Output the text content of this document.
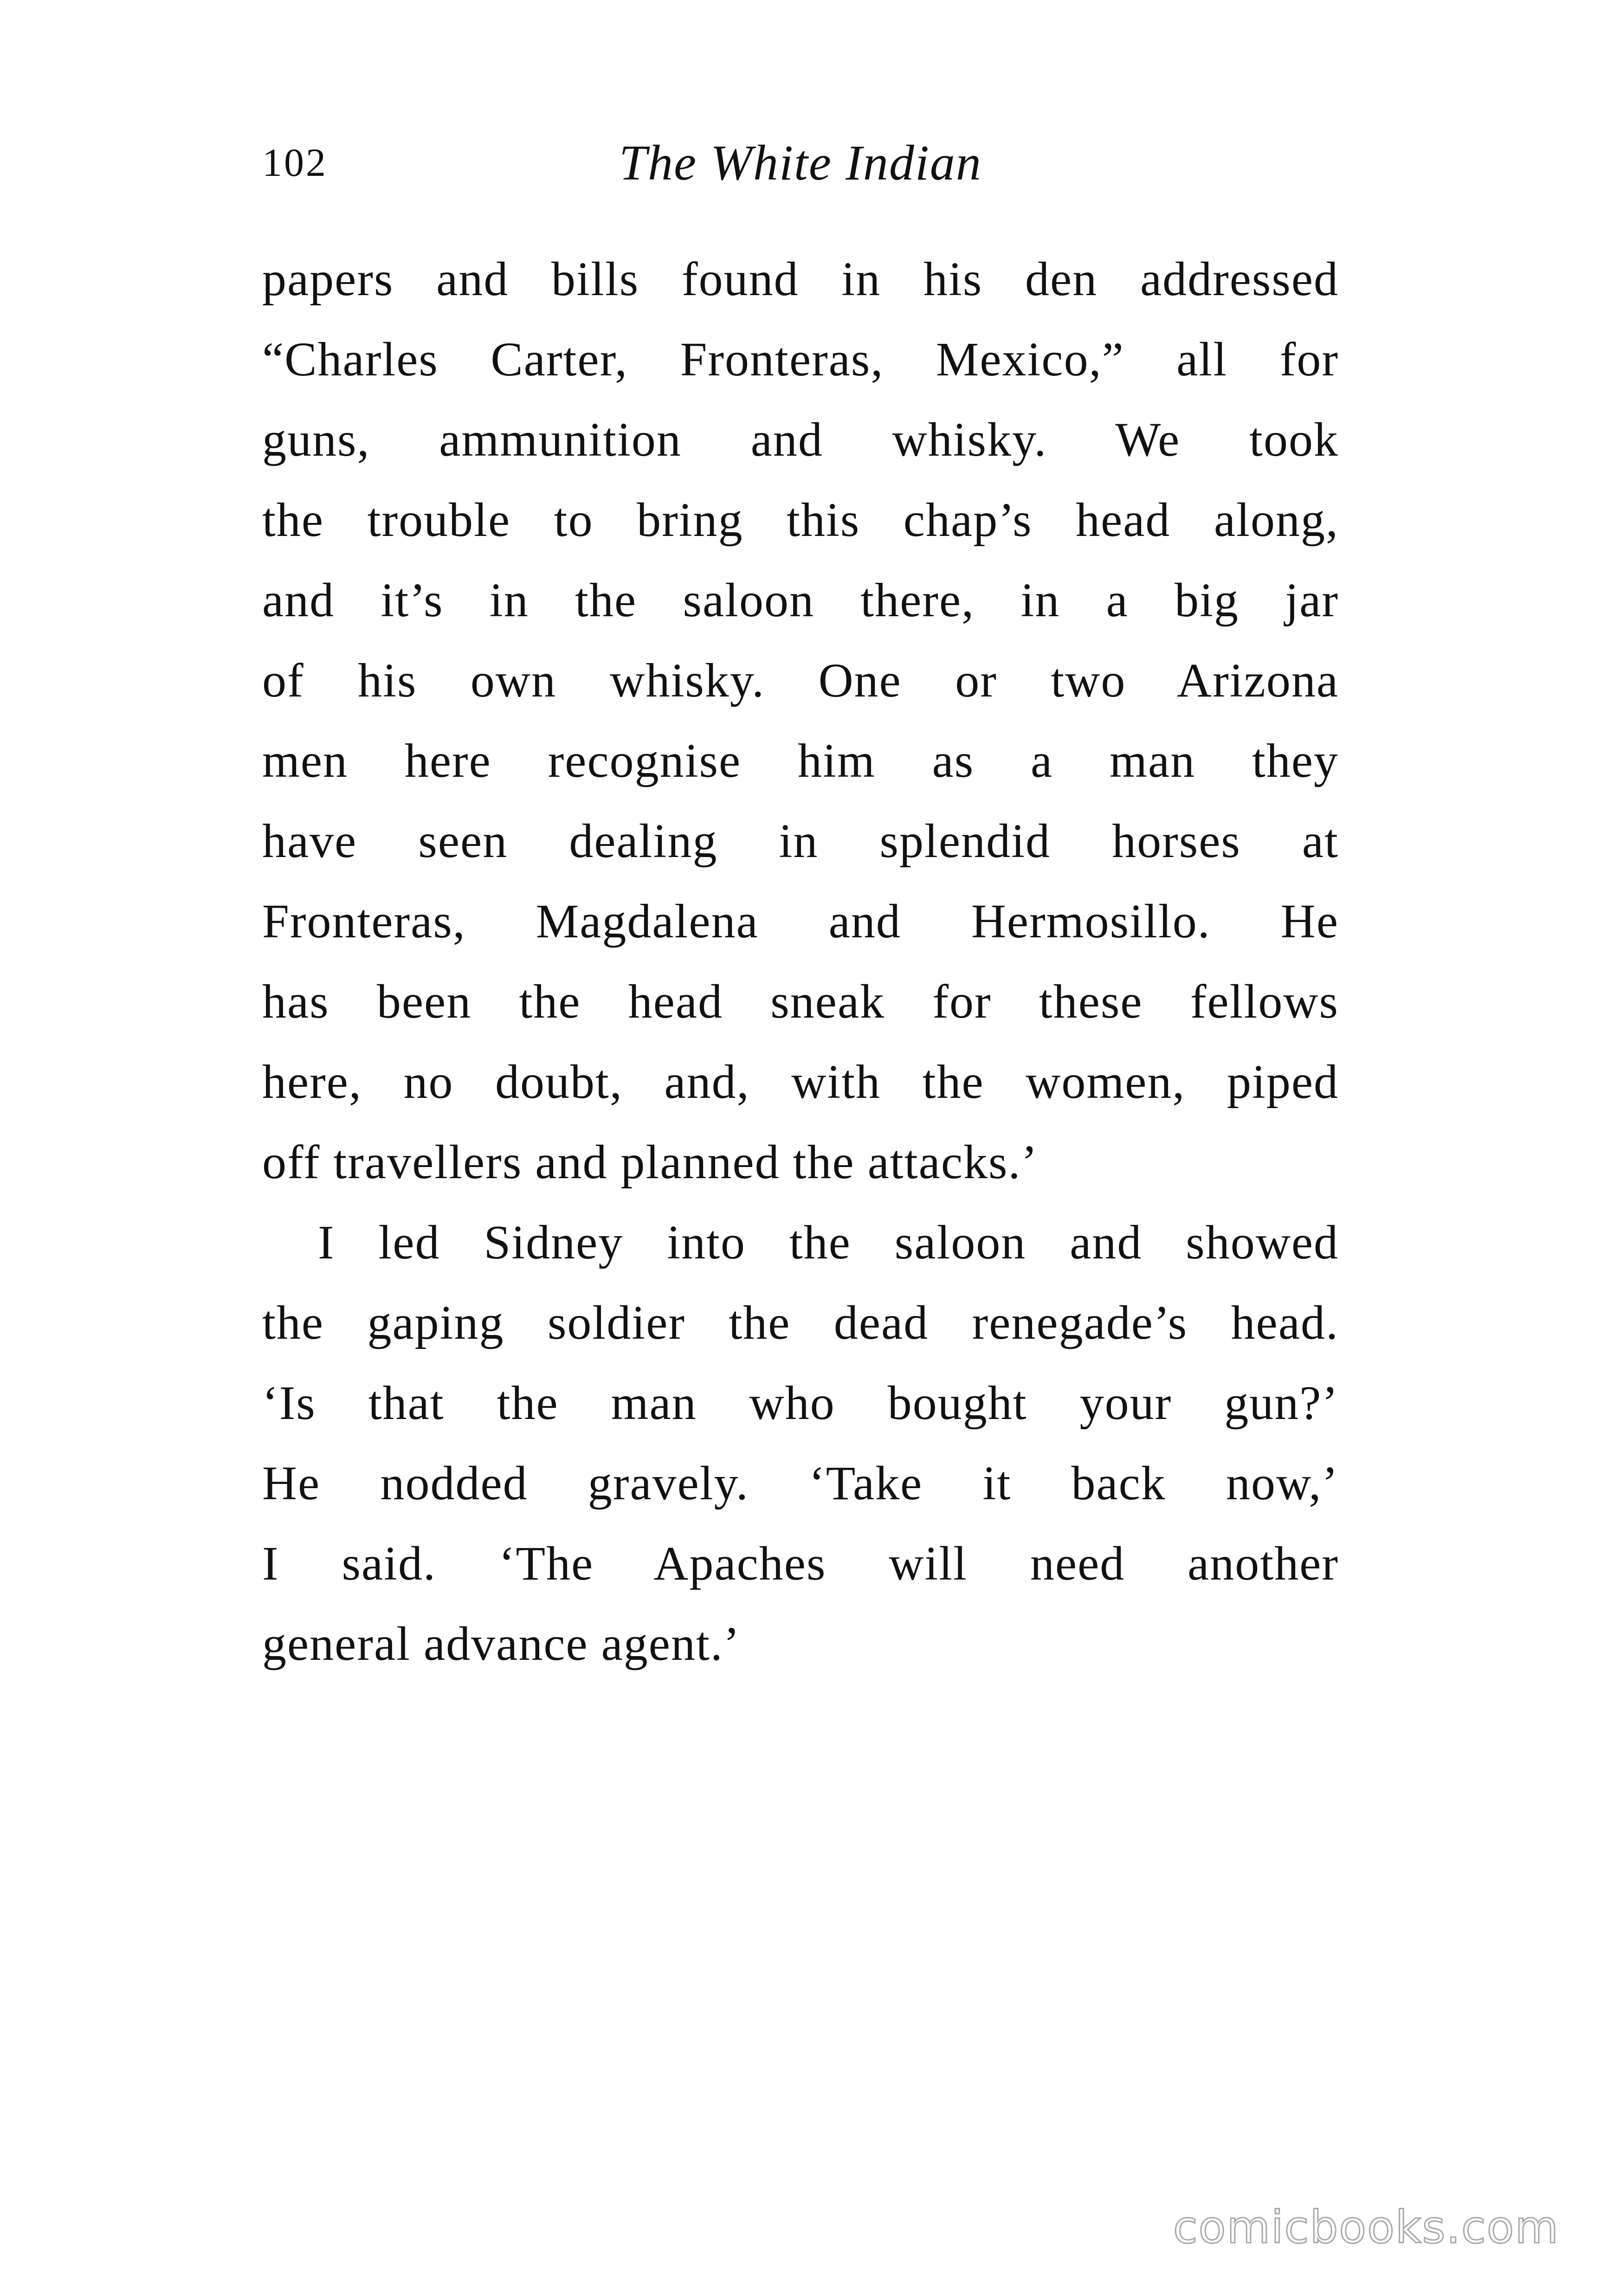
102	The White Indian
papers and bills found in his den addressed
“Charles Carter, Fronteras, Mexico,” all for
guns, ammunition and whisky. We took
the trouble to bring this chap’s head along,
and it’s in the saloon there, in a big jar
of his own whisky. One or two Arizona
men here recognise him as a man they
have seen dealing in splendid horses at
Fronteras, Magdalena and Hermosillo. He
has been the head sneak for these fellows
here, no doubt, and, with the women, piped
off travellers and planned the attacks.’
I led Sidney into the saloon and showed
the gaping soldier the dead renegade’s head.
‘Is that the man who bought your gun?’
He nodded gravely. ‘Take it back now,’
I said. ‘The Apaches will need another
general advance agent.’
comicbooks.com
